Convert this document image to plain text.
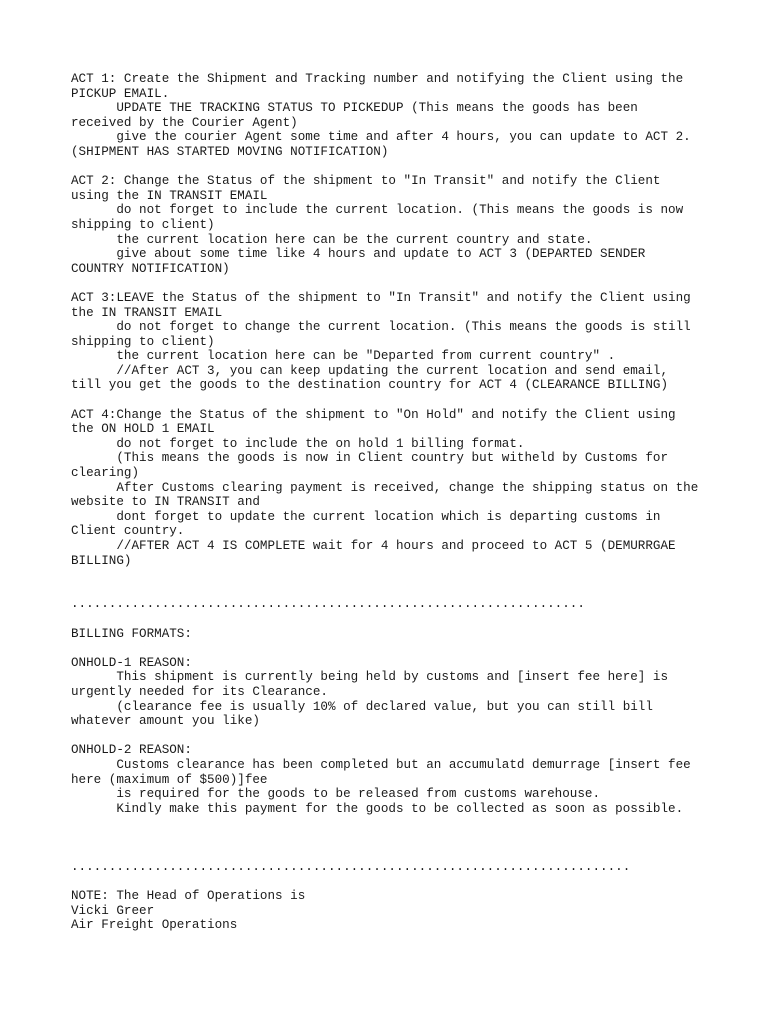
ACT 1: Create the Shipment and Tracking number and notifying the Client using the
PICKUP EMAIL.
UPDATE THE TRACKING STATUS TO PICKEDUP (This means the goods has been
received by the Courier Agent)
give the courier Agent some time and after 4 hours, you can update to ACT 2.
(SHIPMENT HAS STARTED MOVING NOTIFICATION)
ACT 2: Change the Status of the shipment to "In Transit" and notify the Client
using the IN TRANSIT EMAIL
do not forget to include the current location. (This means the goods is now
shipping to client)
the current location here can be the current country and state.
give about some time like 4 hours and update to ACT 3 (DEPARTED SENDER
COUNTRY NOTIFICATION)
ACT 3:LEAVE the Status of the shipment to "In Transit" and notify the Client using
the IN TRANSIT EMAIL
do not forget to change the current location. (This means the goods is still
shipping to client)
the current location here can be "Departed from current country" .
//After ACT 3, you can keep updating the current location and send email,
till you get the goods to the destination country for ACT 4 (CLEARANCE BILLING)
ACT 4:Change the Status of the shipment to "On Hold" and notify the Client using
the ON HOLD 1 EMAIL
do not forget to include the on hold 1 billing format.
(This means the goods is now in Client country but witheld by Customs for
clearing)
After Customs clearing payment is received, change the shipping status on the
website to IN TRANSIT and
dont forget to update the current location which is departing customs in
Client country.
//AFTER ACT 4 IS COMPLETE wait for 4 hours and proceed to ACT 5 (DEMURRGAE
BILLING)
....................................................................
BILLING FORMATS:
ONHOLD-1 REASON:
This shipment is currently being held by customs and [insert fee here] is
urgently needed for its Clearance.
(clearance fee is usually 10% of declared value, but you can still bill
whatever amount you like)
ONHOLD-2 REASON:
Customs clearance has been completed but an accumulatd demurrage [insert fee
here (maximum of $500)]fee
is required for the goods to be released from customs warehouse.
Kindly make this payment for the goods to be collected as soon as possible.
..........................................................................
NOTE: The Head of Operations is
Vicki Greer
Air Freight Operations
